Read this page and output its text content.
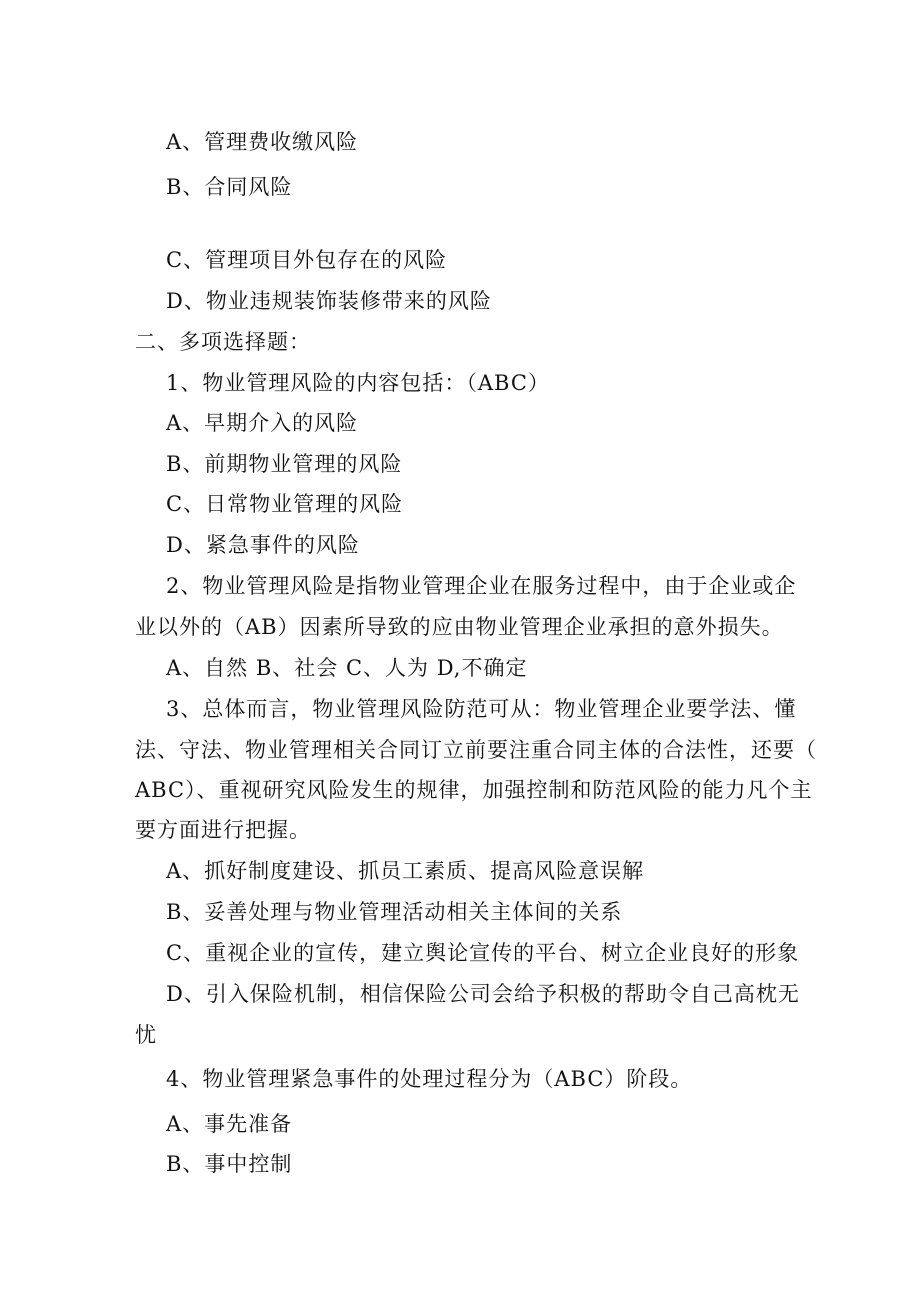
A、管理费收缴风险
B、合同风险
C、管理项目外包存在的风险
D、物业违规装饰装修带来的风险
二、多项选择题：
1、物业管理风险的内容包括：（ABC）
A、早期介入的风险
B、前期物业管理的风险
C、日常物业管理的风险
D、紧急事件的风险
2、物业管理风险是指物业管理企业在服务过程中，由于企业或企
业以外的（AB）因素所导致的应由物业管理企业承担的意外损失。
A、自然 B、社会 C、人为 D,不确定
3、总体而言，物业管理风险防范可从：物业管理企业要学法、懂
法、守法、物业管理相关合同订立前要注重合同主体的合法性，还要（
ABC）、重视研究风险发生的规律，加强控制和防范风险的能力凡个主
要方面进行把握。
A、抓好制度建设、抓员工素质、提高风险意误解
B、妥善处理与物业管理活动相关主体间的关系
C、重视企业的宣传，建立舆论宣传的平台、树立企业良好的形象
D、引入保险机制，相信保险公司会给予积极的帮助令自己高枕无
忧
4、物业管理紧急事件的处理过程分为（ABC）阶段。
A、事先准备
B、事中控制
